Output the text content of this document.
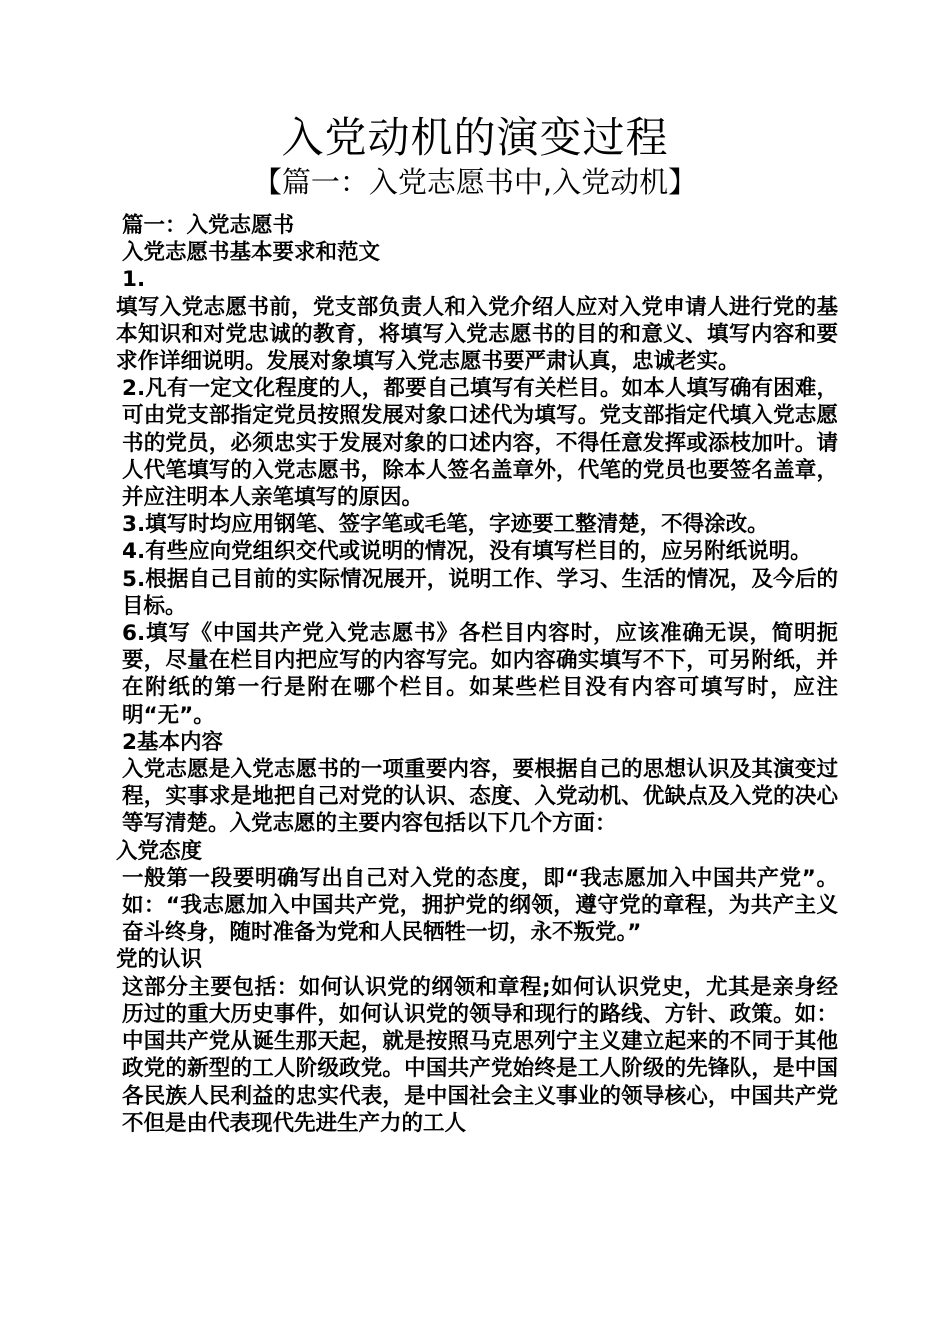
入党动机的演变过程
【篇一：入党志愿书中,入党动机】

篇一：入党志愿书

入党志愿书基本要求和范文

1.

填写入党志愿书前，党支部负责人和入党介绍人应对入党申请人进行党的基本知识和对党忠诚的教育，将填写入党志愿书的目的和意义、填写内容和要求作详细说明。发展对象填写入党志愿书要严肃认真，忠诚老实。

2.凡有一定文化程度的人，都要自己填写有关栏目。如本人填写确有困难，可由党支部指定党员按照发展对象口述代为填写。党支部指定代填入党志愿书的党员，必须忠实于发展对象的口述内容，不得任意发挥或添枝加叶。请人代笔填写的入党志愿书，除本人签名盖章外，代笔的党员也要签名盖章，并应注明本人亲笔填写的原因。

3.填写时均应用钢笔、签字笔或毛笔，字迹要工整清楚，不得涂改。

4.有些应向党组织交代或说明的情况，没有填写栏目的，应另附纸说明。

5.根据自己目前的实际情况展开，说明工作、学习、生活的情况，及今后的目标。

6.填写《中国共产党入党志愿书》各栏目内容时，应该准确无误，简明扼要，尽量在栏目内把应写的内容写完。如内容确实填写不下，可另附纸，并在附纸的第一行是附在哪个栏目。如某些栏目没有内容可填写时，应注明“无”。

2基本内容

入党志愿是入党志愿书的一项重要内容，要根据自己的思想认识及其演变过程，实事求是地把自己对党的认识、态度、入党动机、优缺点及入党的决心等写清楚。入党志愿的主要内容包括以下几个方面：

入党态度

一般第一段要明确写出自己对入党的态度，即“我志愿加入中国共产党”。如：“我志愿加入中国共产党，拥护党的纲领，遵守党的章程，为共产主义奋斗终身，随时准备为党和人民牺牲一切，永不叛党。”

党的认识

这部分主要包括：如何认识党的纲领和章程;如何认识党史，尤其是亲身经历过的重大历史事件，如何认识党的领导和现行的路线、方针、政策。如：中国共产党从诞生那天起，就是按照马克思列宁主义建立起来的不同于其他政党的新型的工人阶级政党。中国共产党始终是工人阶级的先锋队，是中国各民族人民利益的忠实代表，是中国社会主义事业的领导核心，中国共产党不但是由代表现代先进生产力的工人
